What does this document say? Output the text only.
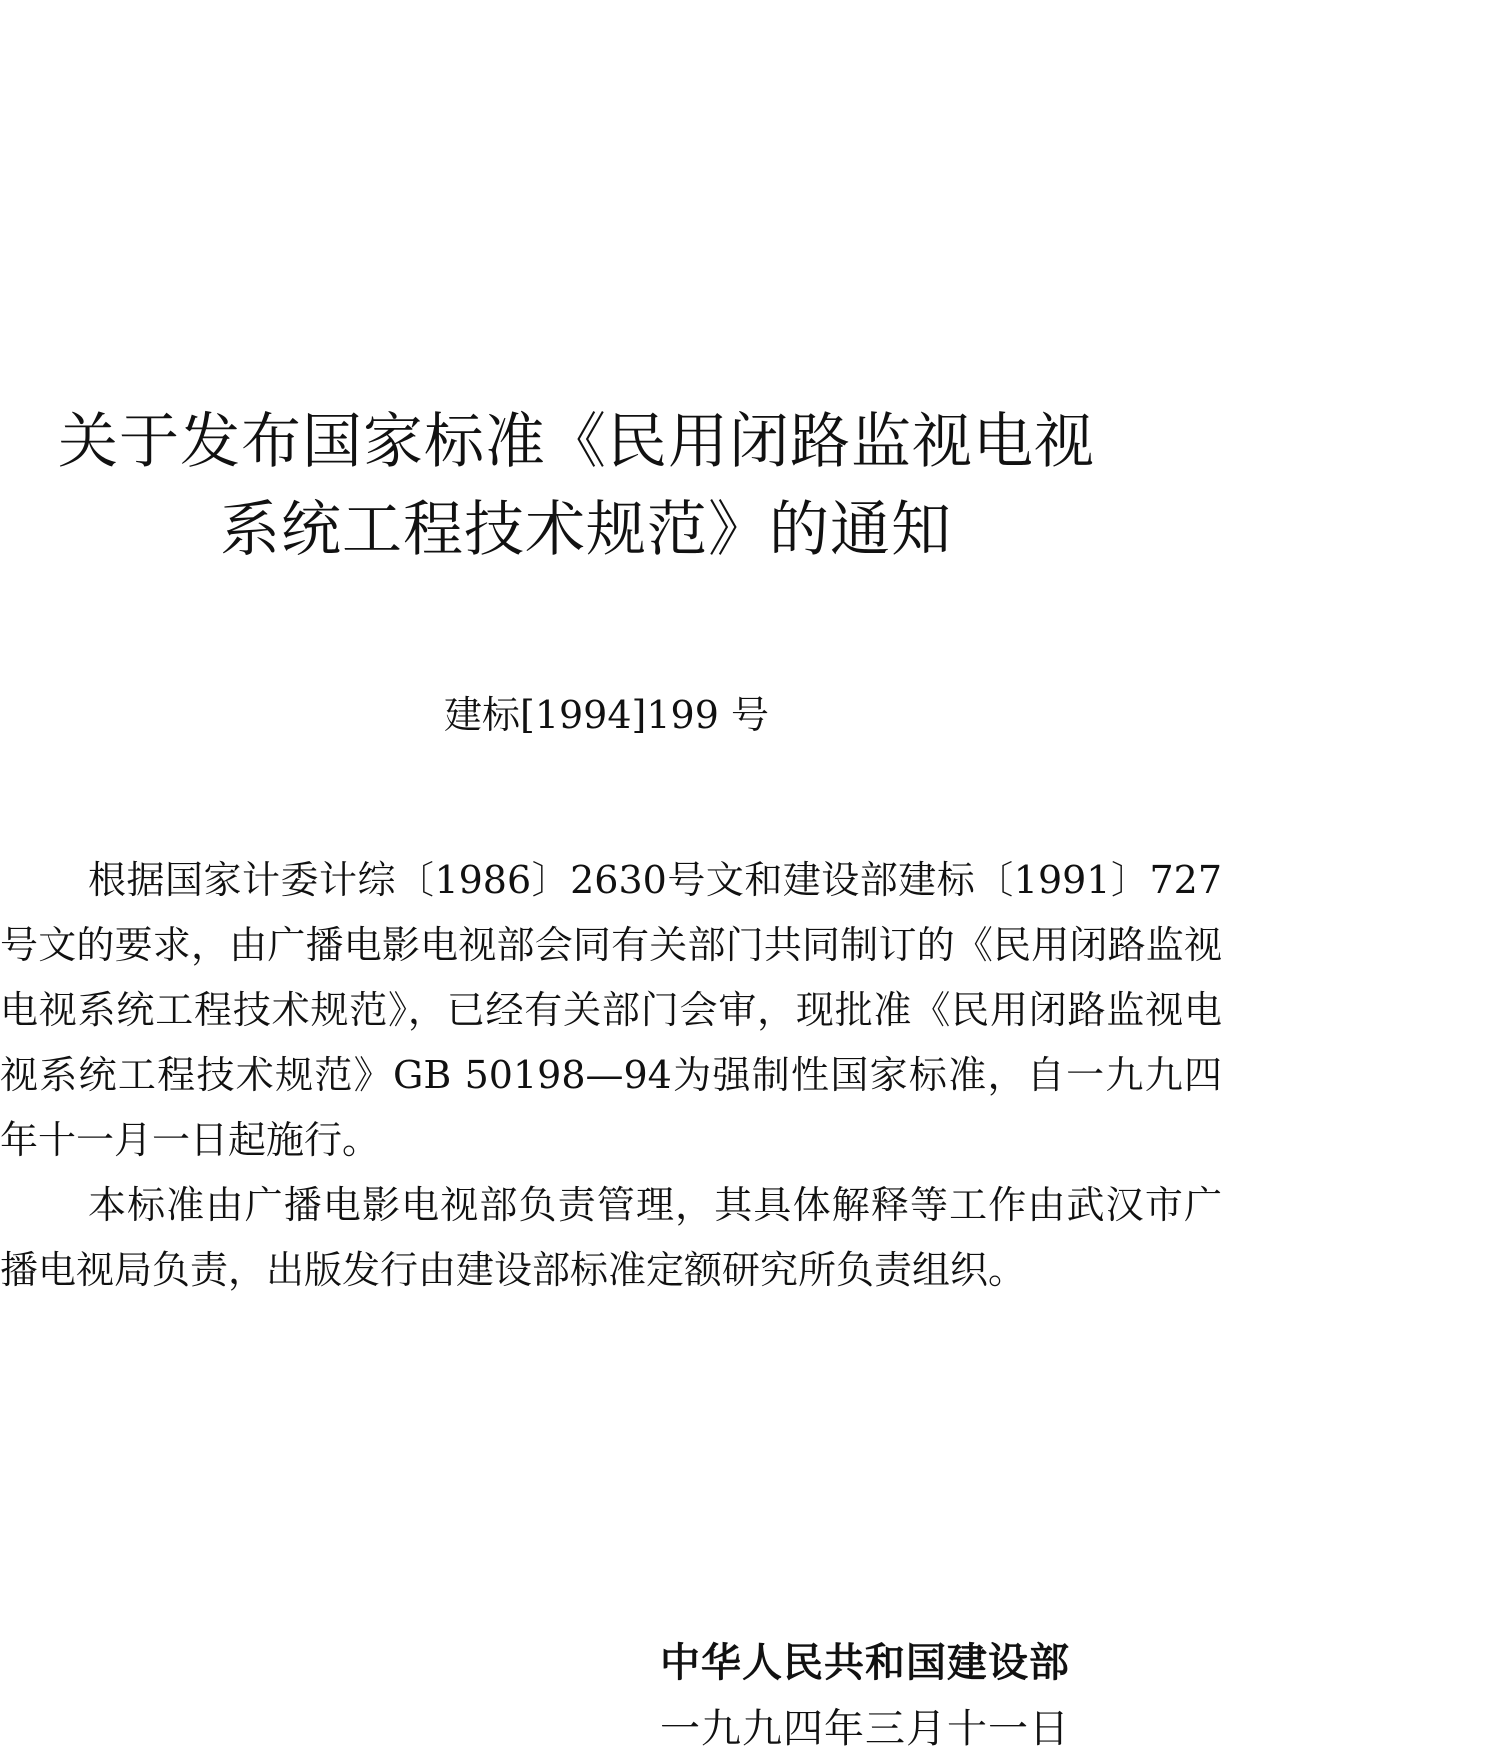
关于发布国家标准《民用闭路监视电视
系统工程技术规范》的通知
建标[1994]199 号

根据国家计委计综〔1986〕2630号文和建设部建标〔1991〕727号文的要求，由广播电影电视部会同有关部门共同制订的《民用闭路监视电视系统工程技术规范》，已经有关部门会审，现批准《民用闭路监视电视系统工程技术规范》GB 50198—94为强制性国家标准，自一九九四年十一月一日起施行。

本标准由广播电影电视部负责管理，其具体解释等工作由武汉市广播电视局负责，出版发行由建设部标准定额研究所负责组织。

中华人民共和国建设部
一九九四年三月十一日
